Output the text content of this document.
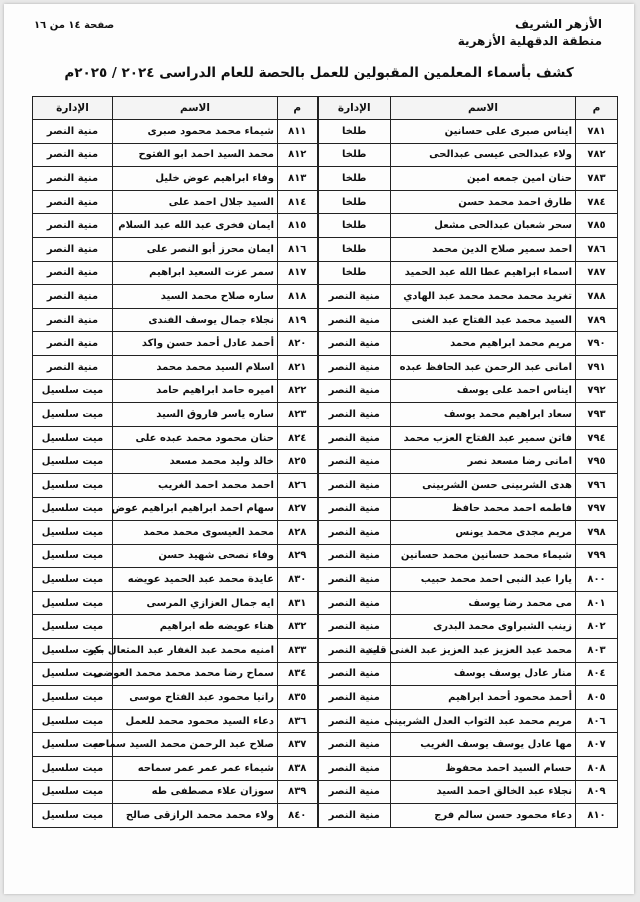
الأزهر الشريف
منطقة الدقهلية الأزهرية
صفحة ١٤ من ١٦
كشف بأسماء المعلمين المقبولين للعمل بالحصة للعام الدراسى ٢٠٢٤ / ٢٠٢٥م
م	الاسم	الإدارة	م	الاسم	الإدارة
٧٨١	ايناس صبرى على حسانين	طلخا	٨١١	شيماء محمد محمود صبرى	منية النصر
٧٨٢	ولاء عبدالحى عيسى عبدالحى	طلخا	٨١٢	محمد السيد احمد ابو الفتوح	منية النصر
٧٨٣	حنان امين جمعه امين	طلخا	٨١٣	وفاء ابراهيم عوض خليل	منية النصر
٧٨٤	طارق احمد محمد حسن	طلخا	٨١٤	السيد جلال احمد على	منية النصر
٧٨٥	سحر شعبان عبدالحى مشعل	طلخا	٨١٥	ايمان فخرى عبد الله عبد السلام	منية النصر
٧٨٦	احمد سمير صلاح الدين محمد	طلخا	٨١٦	ايمان محرز أبو النصر على	منية النصر
٧٨٧	اسماء ابراهيم عطا الله عبد الحميد	طلخا	٨١٧	سمر عزت السعيد ابراهيم	منية النصر
٧٨٨	تغريد محمد محمد محمد عبد الهادي	منية النصر	٨١٨	ساره صلاح محمد السيد	منية النصر
٧٨٩	السيد محمد عبد الفتاح عبد الغنى	منية النصر	٨١٩	نجلاء جمال يوسف الفندى	منية النصر
٧٩٠	مريم محمد ابراهيم محمد	منية النصر	٨٢٠	أحمد عادل أحمد حسن واكد	منية النصر
٧٩١	امانى عبد الرحمن عبد الحافظ عبده	منية النصر	٨٢١	اسلام السيد محمد محمد	منية النصر
٧٩٢	ايناس احمد على يوسف	منية النصر	٨٢٢	اميره حامد ابراهيم حامد	ميت سلسيل
٧٩٣	سعاد ابراهيم محمد يوسف	منية النصر	٨٢٣	ساره ياسر فاروق السيد	ميت سلسيل
٧٩٤	فاتن سمير عبد الفتاح العزب محمد	منية النصر	٨٢٤	حنان محمود محمد عبده على	ميت سلسيل
٧٩٥	امانى رضا مسعد نصر	منية النصر	٨٢٥	خالد وليد محمد مسعد	ميت سلسيل
٧٩٦	هدى الشربينى حسن الشربينى	منية النصر	٨٢٦	احمد محمد احمد الغريب	ميت سلسيل
٧٩٧	فاطمه احمد محمد حافظ	منية النصر	٨٢٧	سهام احمد ابراهيم ابراهيم عوض	ميت سلسيل
٧٩٨	مريم مجدى محمد يونس	منية النصر	٨٢٨	محمد العيسوى محمد محمد	ميت سلسيل
٧٩٩	شيماء محمد حسانين محمد حسانين	منية النصر	٨٢٩	وفاء نصحى شهيد حسن	ميت سلسيل
٨٠٠	يارا عبد النبى احمد محمد حبيب	منية النصر	٨٣٠	عايدة محمد عبد الحميد عويضه	ميت سلسيل
٨٠١	مى محمد رضا يوسف	منية النصر	٨٣١	ايه جمال العزازي المرسى	ميت سلسيل
٨٠٢	زينب الشبراوى محمد البدرى	منية النصر	٨٣٢	هناء عويضه طه ابراهيم	ميت سلسيل
٨٠٣	محمد عبد العزيز عبد العزيز عبد الغنى قايد	منية النصر	٨٣٣	امنيه محمد عبد الغفار عبد المتعال بكر	ميت سلسيل
٨٠٤	منار عادل يوسف يوسف	منية النصر	٨٣٤	سماح رضا محمد محمد محمد العوضى	ميت سلسيل
٨٠٥	أحمد محمود أحمد ابراهيم	منية النصر	٨٣٥	رانيا محمود عبد الفتاح موسى	ميت سلسيل
٨٠٦	مريم محمد عبد التواب العدل الشربينى	منية النصر	٨٣٦	دعاء السيد محمود محمد للعمل	ميت سلسيل
٨٠٧	مها عادل يوسف يوسف الغريب	منية النصر	٨٣٧	صلاح عبد الرحمن محمد السيد سماحه	ميت سلسيل
٨٠٨	حسام السيد احمد محفوظ	منية النصر	٨٣٨	شيماء عمر عمر عمر سماحه	ميت سلسيل
٨٠٩	نجلاء عبد الخالق احمد السيد	منية النصر	٨٣٩	سوزان علاء مصطفى طه	ميت سلسيل
٨١٠	دعاء محمود حسن سالم فرج	منية النصر	٨٤٠	ولاء محمد محمد الرازقى صالح	ميت سلسيل
